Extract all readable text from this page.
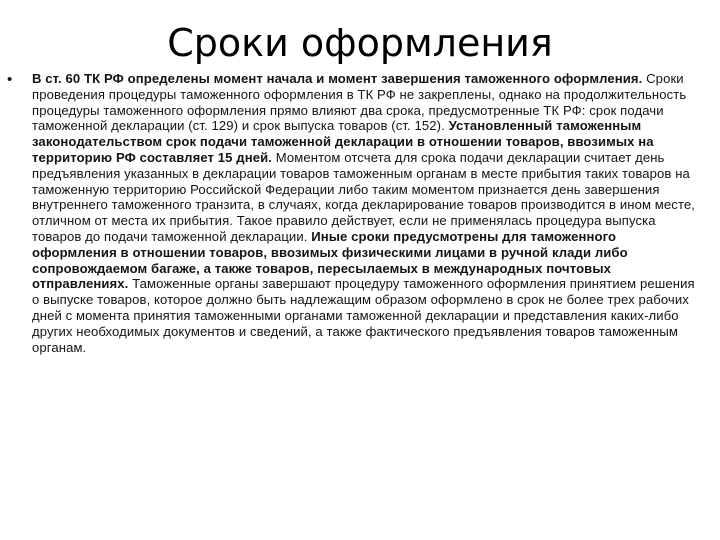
Сроки оформления
• В ст. 60 ТК РФ определены момент начала и момент завершения таможенного оформления. Сроки проведения процедуры таможенного оформления в ТК РФ не закреплены, однако на продолжительность процедуры таможенного оформления прямо влияют два срока, предусмотренные ТК РФ: срок подачи таможенной декларации (ст. 129) и срок выпуска товаров (ст. 152). Установленный таможенным законодательством срок подачи таможенной декларации в отношении товаров, ввозимых на территорию РФ составляет 15 дней. Моментом отсчета для срока подачи декларации считает день предъявления указанных в декларации товаров таможенным органам в месте прибытия таких товаров на таможенную территорию Российской Федерации либо таким моментом признается день завершения внутреннего таможенного транзита, в случаях, когда декларирование товаров производится в ином месте, отличном от места их прибытия. Такое правило действует, если не применялась процедура выпуска товаров до подачи таможенной декларации. Иные сроки предусмотрены для таможенного оформления в отношении товаров, ввозимых физическими лицами в ручной клади либо сопровождаемом багаже, а также товаров, пересылаемых в международных почтовых отправлениях. Таможенные органы завершают процедуру таможенного оформления принятием решения о выпуске товаров, которое должно быть надлежащим образом оформлено в срок не более трех рабочих дней с момента принятия таможенными органами таможенной декларации и представления каких-либо других необходимых документов и сведений, а также фактического предъявления товаров таможенным органам.
